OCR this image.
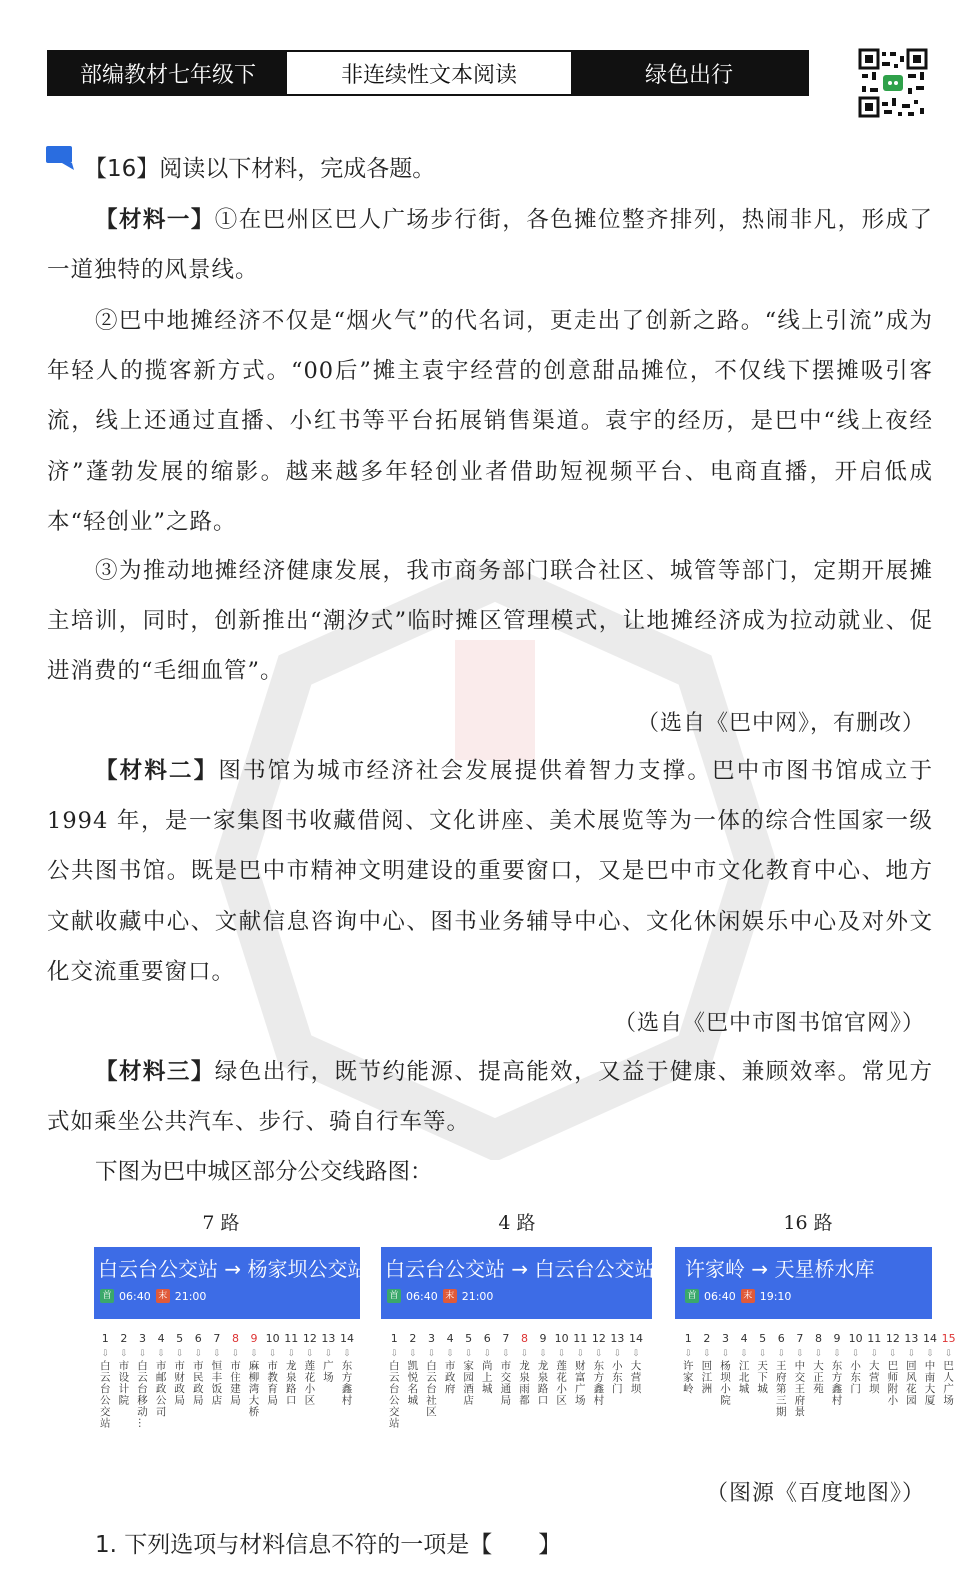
部编教材七年级下	非连续性文本阅读	绿色出行
【16】阅读以下材料，完成各题。

【材料一】①在巴州区巴人广场步行街，各色摊位整齐排列，热闹非凡，形成了一道独特的风景线。

②巴中地摊经济不仅是“烟火气”的代名词，更走出了创新之路。“线上引流”成为年轻人的揽客新方式。“00后”摊主袁宇经营的创意甜品摊位，不仅线下摆摊吸引客流，线上还通过直播、小红书等平台拓展销售渠道。袁宇的经历，是巴中“线上夜经济”蓬勃发展的缩影。越来越多年轻创业者借助短视频平台、电商直播，开启低成本“轻创业”之路。

③为推动地摊经济健康发展，我市商务部门联合社区、城管等部门，定期开展摊主培训，同时，创新推出“潮汐式”临时摊区管理模式，让地摊经济成为拉动就业、促进消费的“毛细血管”。

（选自《巴中网》，有删改）

【材料二】图书馆为城市经济社会发展提供着智力支撑。巴中市图书馆成立于 1994 年，是一家集图书收藏借阅、文化讲座、美术展览等为一体的综合性国家一级公共图书馆。既是巴中市精神文明建设的重要窗口，又是巴中市文化教育中心、地方文献收藏中心、文献信息咨询中心、图书业务辅导中心、文化休闲娱乐中心及对外文化交流重要窗口。

（选自《巴中市图书馆官网》）

【材料三】绿色出行，既节约能源、提高能效，又益于健康、兼顾效率。常见方式如乘坐公共汽车、步行、骑自行车等。

下图为巴中城区部分公交线路图：
7 路
白云台公交站 → 杨家坝公交站
首 06:40 末 21:00
1
⇩
白云台公交站
2
⇩
市设计院
3
⇩
白云台移动…
4
⇩
市邮政公司
5
⇩
市财政局
6
⇩
市民政局
7
⇩
恒丰饭店
8
⇩
市住建局
9
⇩
麻柳湾大桥
10
⇩
市教育局
11
⇩
龙泉路口
12
⇩
莲花小区
13
⇩
广场
14
⇩
东方鑫村
4 路
白云台公交站 → 白云台公交站
首 06:40 末 21:00
1
⇩
白云台公交站
2
⇩
凯悦名城
3
⇩
白云台社区
4
⇩
市政府
5
⇩
家园酒店
6
⇩
尚上城
7
⇩
市交通局
8
⇩
龙泉雨都
9
⇩
龙泉路口
10
⇩
莲花小区
11
⇩
财富广场
12
⇩
东方鑫村
13
⇩
小东门
14
⇩
大营坝
16 路
许家岭 → 天星桥水库
首 06:40 末 19:10
1
⇩
许家岭
2
⇩
回江洲
3
⇩
杨坝小院
4
⇩
江北城
5
⇩
天下城
6
⇩
王府第三期
7
⇩
中交王府景
8
⇩
大正苑
9
⇩
东方鑫村
10
⇩
小东门
11
⇩
大营坝
12
⇩
巴师附小
13
⇩
回风花园
14
⇩
中南大厦
15
⇩
巴人广场
（图源《百度地图》）
1. 下列选项与材料信息不符的一项是【　　】
